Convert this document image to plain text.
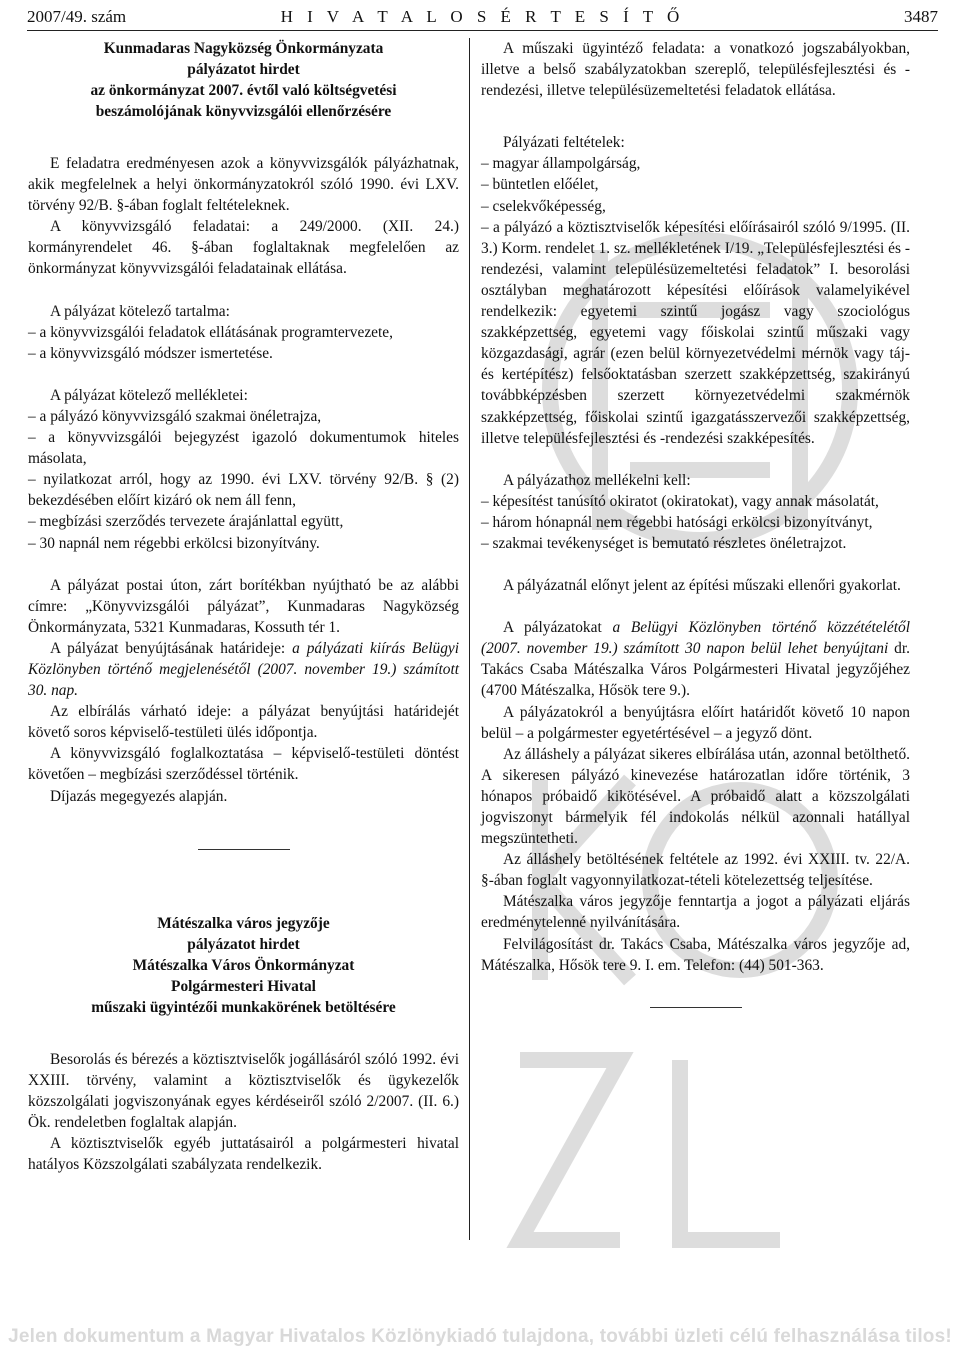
2007/49. szám	H I V A T A L O S É R T E S Í T Ő	3487

Kunmadaras Nagyközség Önkormányzata

pályázatot hirdet

az önkormányzat 2007. évtől való költségvetési

beszámolójának könyvvizsgálói ellenőrzésére

E feladatra eredményesen azok a könyvvizsgálók pályázhatnak, akik megfelelnek a helyi önkormányzatokról szóló 1990. évi LXV. törvény 92/B. §-ában foglalt feltételeknek.

A könyvvizsgáló feladatai: a 249/2000. (XII. 24.) kormányrendelet 46. §-ában foglaltaknak megfelelően az önkormányzat könyvvizsgálói feladatainak ellátása.

A pályázat kötelező tartalma:

– a könyvvizsgálói feladatok ellátásának programtervezete,

– a könyvvizsgáló módszer ismertetése.

A pályázat kötelező mellékletei:

– a pályázó könyvvizsgáló szakmai önéletrajza,

– a könyvvizsgálói bejegyzést igazoló dokumentumok hiteles másolata,

– nyilatkozat arról, hogy az 1990. évi LXV. törvény 92/B. § (2) bekezdésében előírt kizáró ok nem áll fenn,

– megbízási szerződés tervezete árajánlattal együtt,

– 30 napnál nem régebbi erkölcsi bizonyítvány.

A pályázat postai úton, zárt borítékban nyújtható be az alábbi címre: „Könyvvizsgálói pályázat”, Kunmadaras Nagyközség Önkormányzata, 5321 Kunmadaras, Kossuth tér 1.

A pályázat benyújtásának határideje: a pályázati kiírás Belügyi Közlönyben történő megjelenésétől (2007. november 19.) számított 30. nap.

Az elbírálás várható ideje: a pályázat benyújtási határidejét követő soros képviselő-testületi ülés időpontja.

A könyvvizsgáló foglalkoztatása – képviselő-testületi döntést követően – megbízási szerződéssel történik.

Díjazás megegyezés alapján.

Mátészalka város jegyzője

pályázatot hirdet

Mátészalka Város Önkormányzat

Polgármesteri Hivatal

műszaki ügyintézői munkakörének betöltésére

Besorolás és bérezés a köztisztviselők jogállásáról szóló 1992. évi XXIII. törvény, valamint a köztisztviselők és ügykezelők közszolgálati jogviszonyának egyes kérdéseiről szóló 2/2007. (II. 6.) Ök. rendeletben foglaltak alapján.

A köztisztviselők egyéb juttatásairól a polgármesteri hivatal hatályos Közszolgálati szabályzata rendelkezik.

A műszaki ügyintéző feladata: a vonatkozó jogszabályokban, illetve a belső szabályzatokban szereplő, településfejlesztési és -rendezési, illetve településüzemeltetési feladatok ellátása.

Pályázati feltételek:

– magyar állampolgárság,

– büntetlen előélet,

– cselekvőképesség,

– a pályázó a köztisztviselők képesítési előírásairól szóló 9/1995. (II. 3.) Korm. rendelet 1. sz. mellékletének I/19. „Településfejlesztési és -rendezési, valamint településüzemeltetési feladatok” I. besorolási osztályban meghatározott képesítési előírások valamelyikével rendelkezik: egyetemi szintű jogász vagy szociológus szakképzettség, egyetemi vagy főiskolai szintű műszaki vagy közgazdasági, agrár (ezen belül környezetvédelmi mérnök vagy táj- és kertépítész) felsőoktatásban szerzett szakképzettség, szakirányú továbbképzésben szerzett környezetvédelmi szakmérnök szakképzettség, főiskolai szintű igazgatásszervezői szakképzettség, illetve településfejlesztési és -rendezési szakképesítés.

A pályázathoz mellékelni kell:

– képesítést tanúsító okiratot (okiratokat), vagy annak másolatát,

– három hónapnál nem régebbi hatósági erkölcsi bizonyítványt,

– szakmai tevékenységet is bemutató részletes önéletrajzot.

A pályázatnál előnyt jelent az építési műszaki ellenőri gyakorlat.

A pályázatokat a Belügyi Közlönyben történő közzétételétől (2007. november 19.) számított 30 napon belül lehet benyújtani dr. Takács Csaba Mátészalka Város Polgármesteri Hivatal jegyzőjéhez (4700 Mátészalka, Hősök tere 9.).

A pályázatokról a benyújtásra előírt határidőt követő 10 napon belül – a polgármester egyetértésével – a jegyző dönt.

Az álláshely a pályázat sikeres elbírálása után, azonnal betölthető. A sikeresen pályázó kinevezése határozatlan időre történik, 3 hónapos próbaidő kikötésével. A próbaidő alatt a közszolgálati jogviszonyt bármelyik fél indokolás nélkül azonnali hatállyal megszüntetheti.

Az álláshely betöltésének feltétele az 1992. évi XXIII. tv. 22/A. §-ában foglalt vagyonnyilatkozat-tételi kötelezettség teljesítése.

Mátészalka város jegyzője fenntartja a jogot a pályázati eljárás eredménytelenné nyilvánítására.

Felvilágosítást dr. Takács Csaba, Mátészalka város jegyzője ad, Mátészalka, Hősök tere 9. I. em. Telefon: (44) 501-363.

Jelen dokumentum a Magyar Hivatalos Közlönykiadó tulajdona, további üzleti célú felhasználása tilos!
